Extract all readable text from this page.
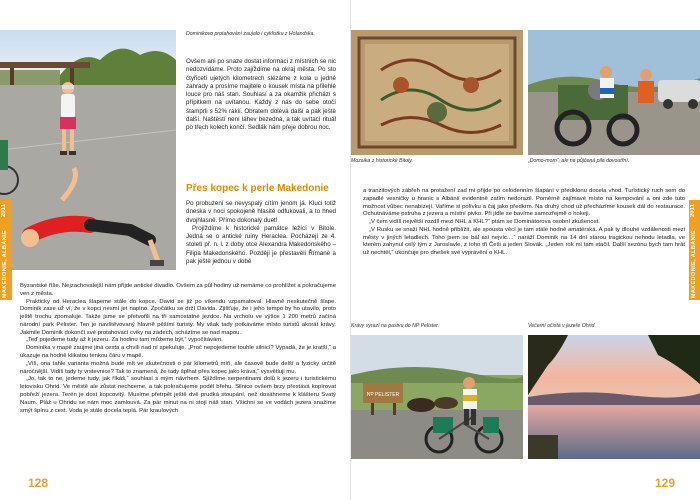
Dominikovo protahování zaujalo i cyklistku z Holandska.

Ovšem ani po snaze dostat informaci z místních se nic nedozvídáme. Proto zajíždíme na okraj města. Po sto čtyřiceti ujetých kilometrech slézáme z kola u jedné zahrady a prosíme majitele o kousek místa na přilehlé louce pro náš stan. Souhlasí a za okamžik přichází s přípitkem na uvítanou. Každý z nás do sebe otočí štamprli s 52% rakií. Obratem dolévá další a pak ještě další. Naštěstí není láhev bezedná, a tak uvítací rituál po třech kolech končí. Sedlák nám přeje dobrou noc.

Přes kopec k perle Makedonie

Po probuzení se nevyspalý cítím jenom já. Kluci totiž dneska v noci spokojeně hlasitě odfukovali, a to hned dvojhlasně. Přímo dokonalý duet!

Projíždíme k historické památce ležící v Bitole. Jedná se o antické ruiny Heraclea. Pocházejí ze 4. století př. n. l. z doby otce Alexandra Makedonského – Filipa Makedonského. Později je přestavěli Římané a pak ještě jednou v době

Byzantské říše. Nejzachovalejší nám přijde antické divadlo. Ovšem za půl hodiny už nemáme co prohlížet a pokračujeme ven z města.

Prakticky od Heraclea šlapeme stále do kopce. David se již po víkendu vzpamatoval. Hlavně neskutečně šlape. Dominik zase už ví, že v kopci nesmí jet naplno. Zpočátku se drží Davida. Zjišťuje, že i jeho tempo by ho utavilo, proto ještě trochu zpomaluje. Takže jsme se přetvořili na tři samostatné jezdce. Na vrcholu ve výšce 1 200 metrů začíná národní park Pelister. Ten je navštěvovaný hlavně pěšími turisty. My však tady potkáváme místo turistů akorát krávy. Jakmile Dominik dokončí své protahovací cviky na zádech, scházíme se nad mapou.

„Teď pojedeme tudy až k jezeru. Za hodinu tam můžeme být,“ vypočítávám.

Dominika v mapě zaujme jiná cesta a chvíli nad ní spekuluje. „Proč nepojedeme touhle silnicí? Vypadá, že je kratší,“ a ukazuje na hodně klikatou tenkou čáru v mapě.

„Víš, ona tahle varianta možná bude mít ve skutečnosti o pár kilometrů míň, ale časově bude delší a fyzicky určitě náročnější. Vidíš tady ty vrstevnice? Tak to znamená, že tady šplhat přes kopec jako kráva,“ vysvětluji mu.

„Jo, tak to ne, jedeme tudy, jak říkáš,“ souhlasí s mým návrhem. Sjíždíme serpentinami dolů k jezeru i turistickému letovisku Ohrid. Ve městě ale zůstat nechceme, a tak pokračujeme podél břehu. Silnice ovšem brzy přestává kopírovat pobřeží jezera. Terén je dost kopcovitý. Musíme přetrpět ještě dvě prudká stoupání, než dosáhneme k klášteru Svatý Naum. Pláž u Ohridu se nám moc zamlouvá. Za pár minut na ni stojí náš stan. Všichni se ve vodách jezera snažíme smýt špínu z cest. Voda je stále docela teplá. Pár kraulových

MAKEDONIE, ALBÁNIE
2011

128

Mozaika z historické Bitoly.	„Domo-mom“, ale na půjčená pila dovoutřní.

a tranzitových zábřeh na protažení zad mi přijde po celodenním šlapání v předklonu docela vhod. Turistický ruch sem do zapadlé vesničky u hranic s Albánií evidentně zatím nedorazil. Poměrně zajímavé místo na kempování a oni zde tuto možnost vůbec nenabízejí. Vaříme si polívku a čaj jako předkrm. Na druhý chod už přecházíme kousek dál do restaurace. Ochutnáváme pstruha z jezera a místní pivko. Při jídle se bavíme samozřejmě o hokeji.

„V čem vidíš největší rozdíl mezi NHL a KHL?“ ptám se Dominátorova osobní zkušenost.

„V Rusku se snaží NHL hodně přiblížit, ale spousta věcí je tam stále hodně amatérská. A pak ty dlouhé vzdálenosti mezi městy v jiných letadlech. Toho jsem se bál asi nejvíc....“ naráží Dominik na 14 dní starou tragickou nehodu letadla, ve kterém zahynul celý tým z Jaroslavle, z toho tři Češi a jeden Slovák. „Jeden rok mi tam stačil. Další sezónu bych tam hrát už nechtěl,“ ukončuje pro dnešek své vyprávění o KHL.

Krávy vyrazí na pastvu do NP Pelister.

NP PELISTER

Večerní očista v jezeře Ohrid.

MAKEDONIE, ALBÁNIE
2011

129
